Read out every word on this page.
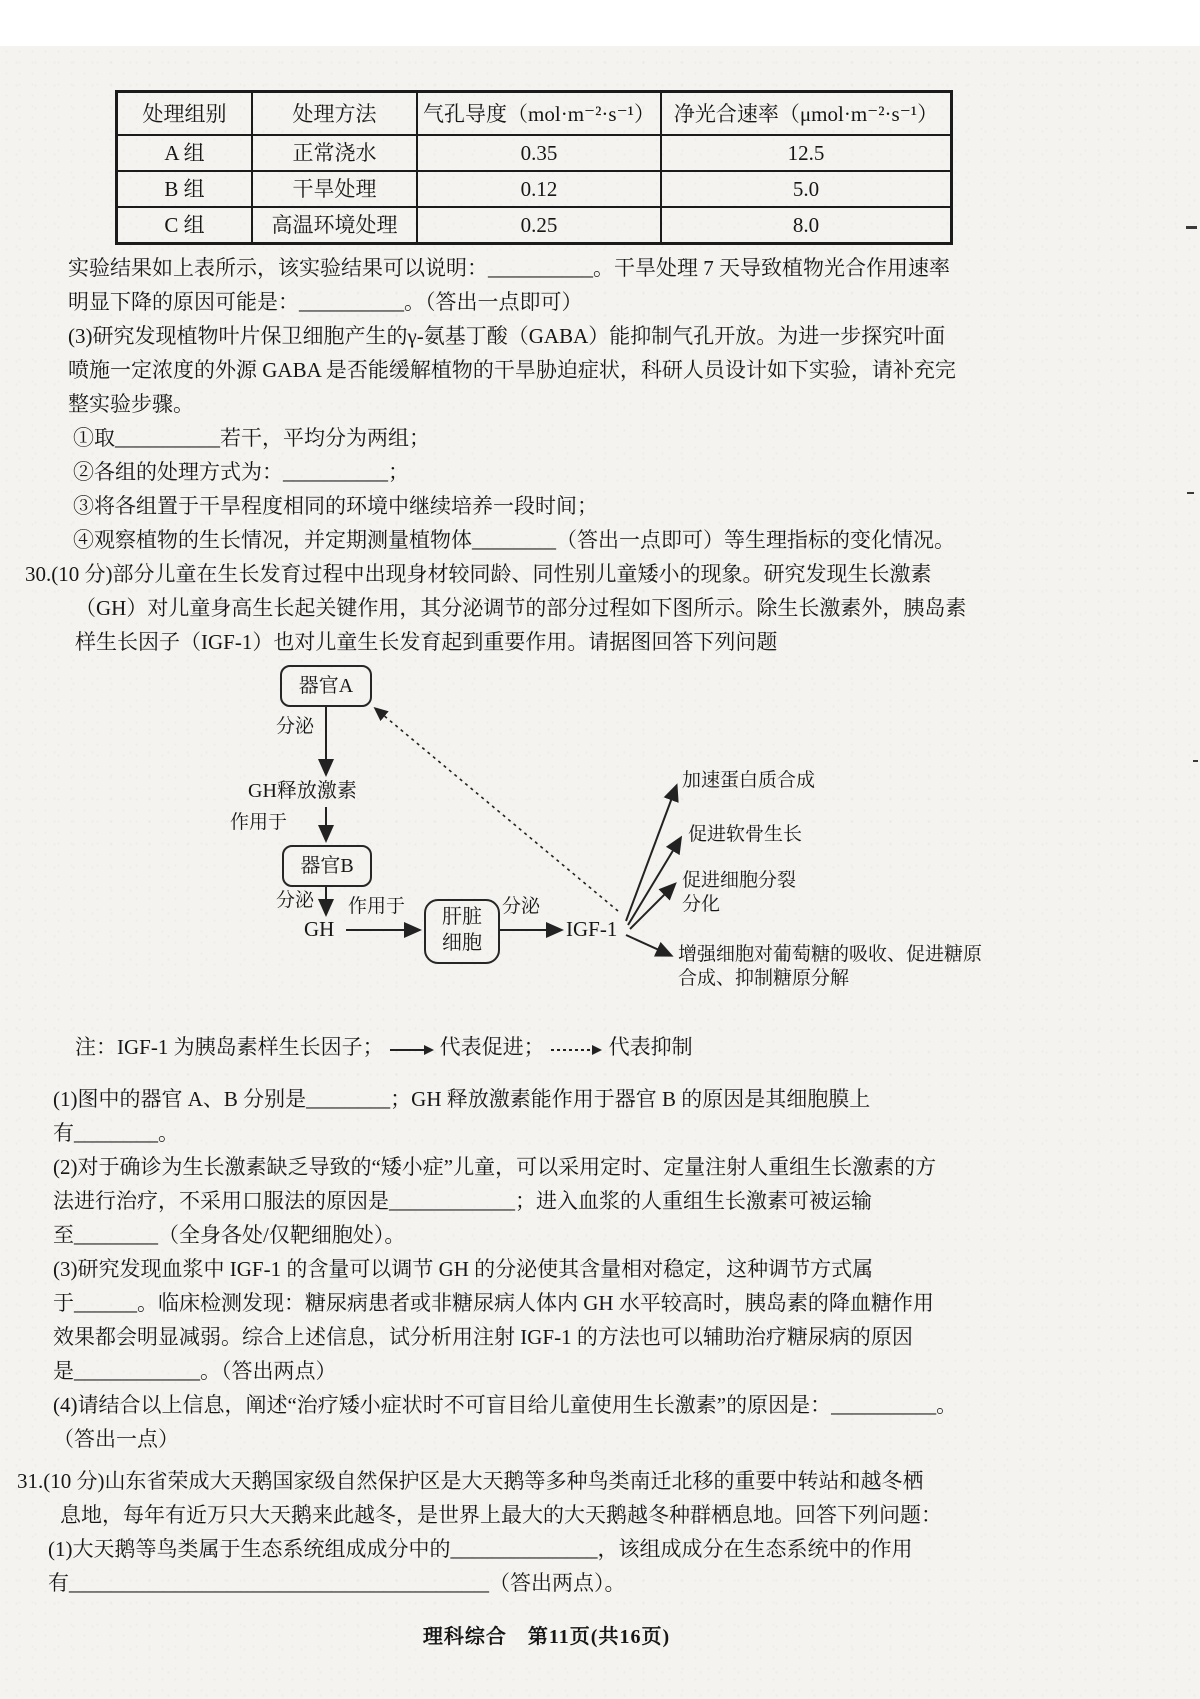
处理组别	处理方法	气孔导度（mol·m⁻²·s⁻¹）	净光合速率（μmol·m⁻²·s⁻¹）
A 组	正常浇水	0.35	12.5
B 组	干旱处理	0.12	5.0
C 组	高温环境处理	0.25	8.0
实验结果如上表所示，该实验结果可以说明：__________。干旱处理 7 天导致植物光合作用速率
明显下降的原因可能是：__________。（答出一点即可）
(3)研究发现植物叶片保卫细胞产生的γ-氨基丁酸（GABA）能抑制气孔开放。为进一步探究叶面
喷施一定浓度的外源 GABA 是否能缓解植物的干旱胁迫症状，科研人员设计如下实验，请补充完
整实验步骤。
①取__________若干，平均分为两组；
②各组的处理方式为：__________；
③将各组置于干旱程度相同的环境中继续培养一段时间；
④观察植物的生长情况，并定期测量植物体________（答出一点即可）等生理指标的变化情况。
30.(10 分)部分儿童在生长发育过程中出现身材较同龄、同性别儿童矮小的现象。研究发现生长激素
（GH）对儿童身高生长起关键作用，其分泌调节的部分过程如下图所示。除生长激素外，胰岛素
样生长因子（IGF-1）也对儿童生长发育起到重要作用。请据图回答下列问题
器官A
分泌
GH释放激素
作用于
器官B
分泌
GH
作用于	肝脏
细胞
分泌
IGF-1
加速蛋白质合成
促进软骨生长
促进细胞分裂
分化
增强细胞对葡萄糖的吸收、促进糖原
合成、抑制糖原分解
注：IGF-1 为胰岛素样生长因子；	代表促进；	代表抑制
(1)图中的器官 A、B 分别是________；GH 释放激素能作用于器官 B 的原因是其细胞膜上
有________。
(2)对于确诊为生长激素缺乏导致的“矮小症”儿童，可以采用定时、定量注射人重组生长激素的方
法进行治疗，不采用口服法的原因是____________；进入血浆的人重组生长激素可被运输
至________（全身各处/仅靶细胞处）。
(3)研究发现血浆中 IGF-1 的含量可以调节 GH 的分泌使其含量相对稳定，这种调节方式属
于______。临床检测发现：糖尿病患者或非糖尿病人体内 GH 水平较高时，胰岛素的降血糖作用
效果都会明显减弱。综合上述信息，试分析用注射 IGF-1 的方法也可以辅助治疗糖尿病的原因
是____________。（答出两点）
(4)请结合以上信息，阐述“治疗矮小症状时不可盲目给儿童使用生长激素”的原因是：__________。
（答出一点）
31.(10 分)山东省荣成大天鹅国家级自然保护区是大天鹅等多种鸟类南迁北移的重要中转站和越冬栖
息地，每年有近万只大天鹅来此越冬，是世界上最大的大天鹅越冬种群栖息地。回答下列问题：
(1)大天鹅等鸟类属于生态系统组成成分中的______________，该组成成分在生态系统中的作用
有________________________________________（答出两点）。
理科综合　第11页(共16页)
